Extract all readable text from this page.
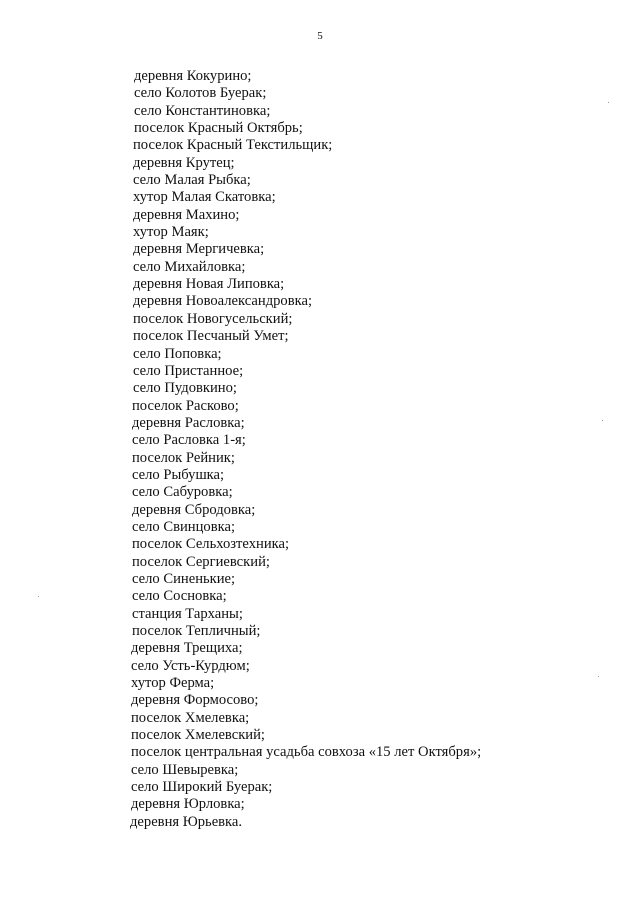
5
деревня Кокурино;
село Колотов Буерак;
село Константиновка;
поселок Красный Октябрь;
поселок Красный Текстильщик;
деревня Крутец;
село Малая Рыбка;
хутор Малая Скатовка;
деревня Махино;
хутор Маяк;
деревня Мергичевка;
село Михайловка;
деревня Новая Липовка;
деревня Новоалександровка;
поселок Новогусельский;
поселок Песчаный Умет;
село Поповка;
село Пристанное;
село Пудовкино;
поселок Расково;
деревня Расловка;
село Расловка 1-я;
поселок Рейник;
село Рыбушка;
село Сабуровка;
деревня Сбродовка;
село Свинцовка;
поселок Сельхозтехника;
поселок Сергиевский;
село Синенькие;
село Сосновка;
станция Тарханы;
поселок Тепличный;
деревня Трещиха;
село Усть-Курдюм;
хутор Ферма;
деревня Формосово;
поселок Хмелевка;
поселок Хмелевский;
поселок центральная усадьба совхоза «15 лет Октября»;
село Шевыревка;
село Широкий Буерак;
деревня Юрловка;
деревня Юрьевка.
